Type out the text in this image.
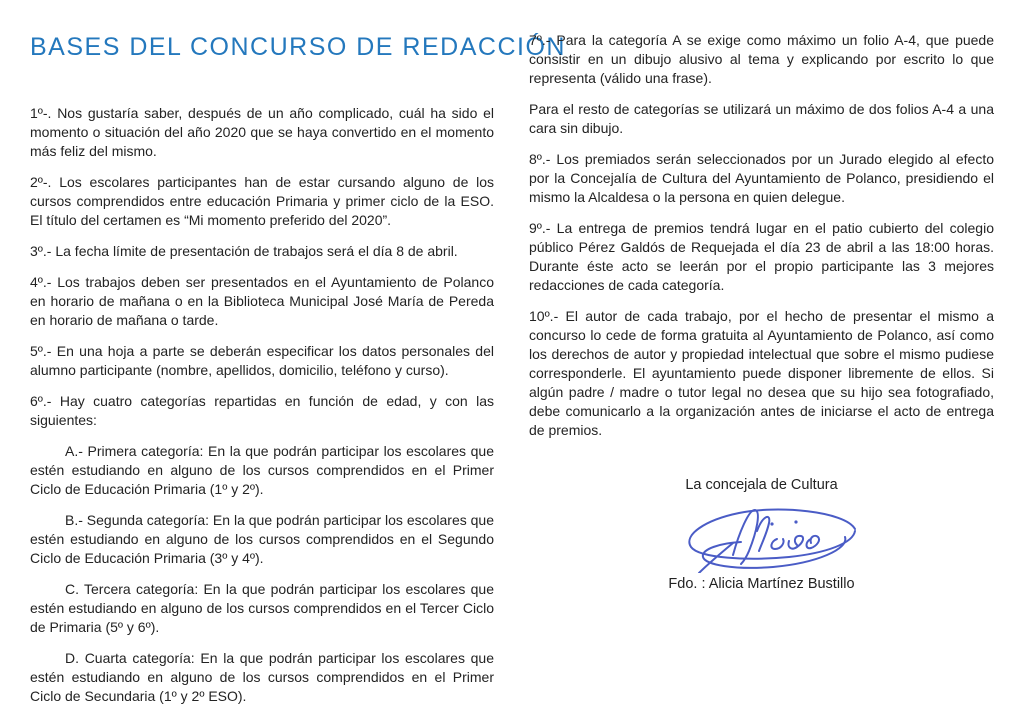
BASES DEL CONCURSO DE REDACCIÓN

1º-. Nos gustaría saber, después de un año complicado, cuál ha sido el momento o situación del año 2020 que se haya convertido en el momento más feliz del mismo.

2º-. Los escolares participantes han de estar cursando alguno de los cursos comprendidos entre educación Primaria y primer ciclo de la ESO. El título del certamen es “Mi momento preferido del 2020”.

3º.- La fecha límite de presentación de trabajos será el día 8 de abril.

4º.- Los trabajos deben ser presentados en el Ayuntamiento de Polanco en horario de mañana o en la Biblioteca Municipal José María de Pereda en horario de mañana o tarde.

5º.- En una hoja a parte se deberán especificar los datos personales del alumno participante (nombre, apellidos, domicilio, teléfono y curso).

6º.- Hay cuatro categorías repartidas en función de edad, y con las siguientes:

A.- Primera categoría: En la que podrán participar los escolares que estén estudiando en alguno de los cursos comprendidos en el Primer Ciclo de Educación Primaria (1º y 2º).

B.- Segunda categoría: En la que podrán participar los escolares que estén estudiando en alguno de los cursos comprendidos en el Segundo Ciclo de Educación Primaria (3º y 4º).

C. Tercera categoría: En la que podrán participar los escolares que estén estudiando en alguno de los cursos comprendidos en el Tercer Ciclo de Primaria (5º y 6º).

D. Cuarta categoría: En la que podrán participar los escolares que estén estudiando en alguno de los cursos comprendidos en el Primer Ciclo de Secundaria (1º y 2º ESO).

7º.- Para la categoría A se exige como máximo un folio A-4, que puede consistir en un dibujo alusivo al tema y explicando por escrito lo que representa (válido una frase).

Para el resto de categorías se utilizará un máximo de dos folios A-4 a una cara sin dibujo.

8º.- Los premiados serán seleccionados por un Jurado elegido al efecto por la Concejalía de Cultura del Ayuntamiento de Polanco, presidiendo el mismo la Alcaldesa o la persona en quien delegue.

9º.- La entrega de premios tendrá lugar en el patio cubierto del colegio público Pérez Galdós de Requejada el día 23 de abril a las 18:00 horas. Durante éste acto se leerán por el propio participante las 3 mejores redacciones de cada categoría.

10º.- El autor de cada trabajo, por el hecho de presentar el mismo a concurso lo cede de forma gratuita al Ayuntamiento de Polanco, así como los derechos de autor y propiedad intelectual que sobre el mismo pudiese corresponderle. El ayuntamiento puede disponer libremente de ellos. Si algún padre / madre o tutor legal no desea que su hijo sea fotografiado, debe comunicarlo a la organización antes de iniciarse el acto de entrega de premios.

La concejala de Cultura

Fdo. : Alicia Martínez Bustillo
